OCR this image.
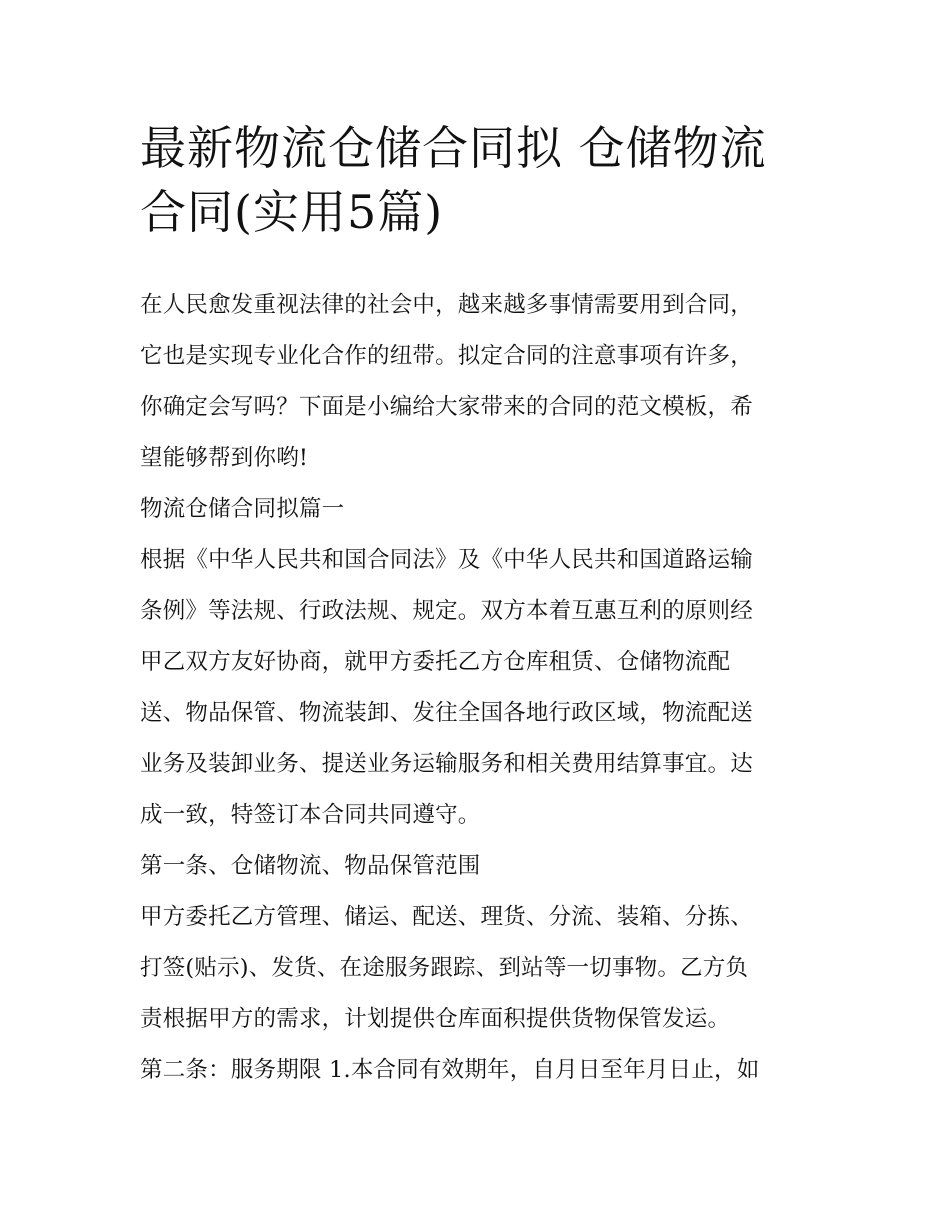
最新物流仓储合同拟 仓储物流
合同(实用5篇)
在人民愈发重视法律的社会中，越来越多事情需要用到合同，
它也是实现专业化合作的纽带。拟定合同的注意事项有许多，
你确定会写吗？下面是小编给大家带来的合同的范文模板，希
望能够帮到你哟!
物流仓储合同拟篇一
根据《中华人民共和国合同法》及《中华人民共和国道路运输
条例》等法规、行政法规、规定。双方本着互惠互利的原则经
甲乙双方友好协商，就甲方委托乙方仓库租赁、仓储物流配
送、物品保管、物流装卸、发往全国各地行政区域，物流配送
业务及装卸业务、提送业务运输服务和相关费用结算事宜。达
成一致，特签订本合同共同遵守。
第一条、仓储物流、物品保管范围
甲方委托乙方管理、储运、配送、理货、分流、装箱、分拣、
打签(贴示)、发货、在途服务跟踪、到站等一切事物。乙方负
责根据甲方的需求，计划提供仓库面积提供货物保管发运。
第二条：服务期限 1.本合同有效期年，自月日至年月日止，如
